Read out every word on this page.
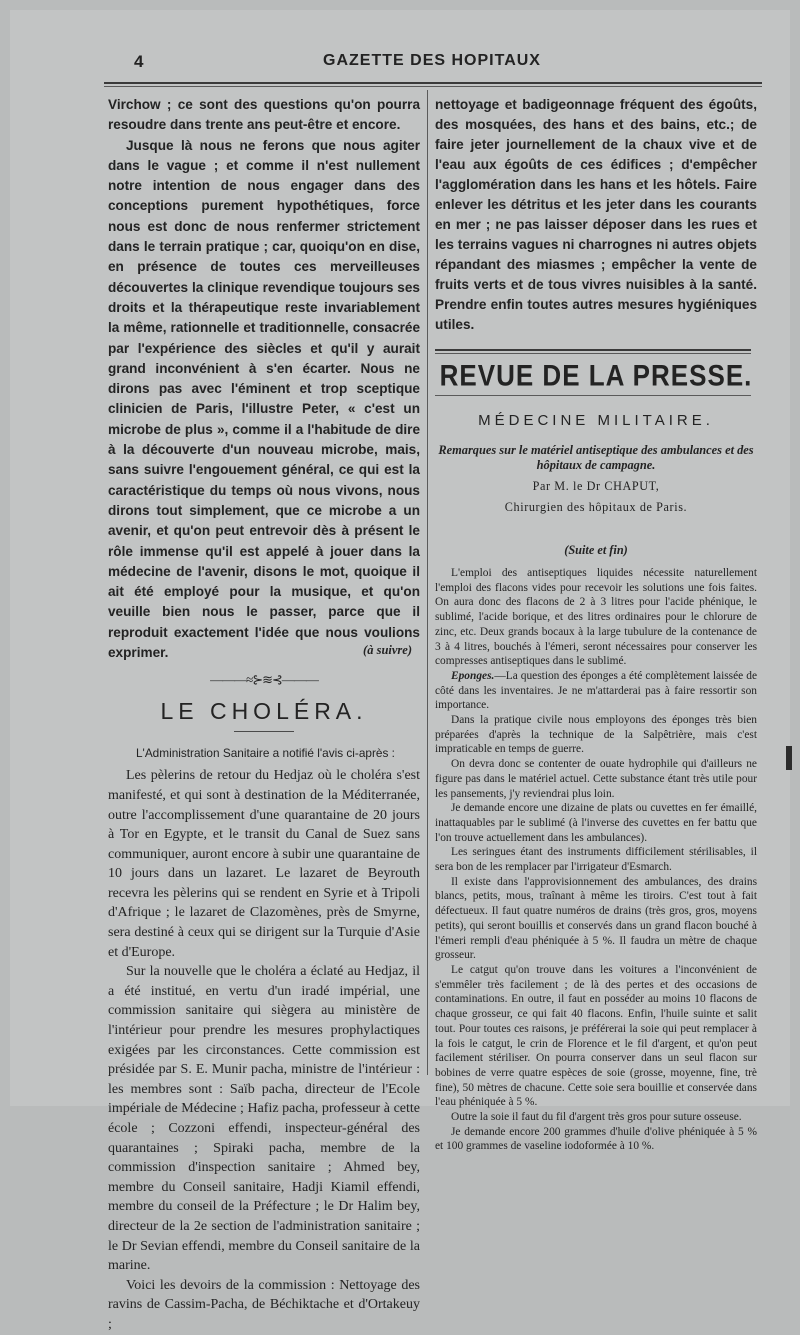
4	GAZETTE DES HOPITAUX

Virchow ; ce sont des questions qu'on pourra resoudre dans trente ans peut-être et encore.

Jusque là nous ne ferons que nous agiter dans le vague ; et comme il n'est nullement notre intention de nous engager dans des conceptions purement hypothétiques, force nous est donc de nous renfermer strictement dans le terrain pratique ; car, quoiqu'on en dise, en présence de toutes ces merveilleuses découvertes la clinique revendique toujours ses droits et la thérapeutique reste invariablement la même, rationnelle et traditionnelle, consacrée par l'expérience des siècles et qu'il y aurait grand inconvénient à s'en écarter. Nous ne dirons pas avec l'éminent et trop sceptique clinicien de Paris, l'illustre Peter, « c'est un microbe de plus », comme il a l'habitude de dire à la découverte d'un nouveau microbe, mais, sans suivre l'engouement général, ce qui est la caractéristique du temps où nous vivons, nous dirons tout simplement, que ce microbe a un avenir, et qu'on peut entrevoir dès à présent le rôle immense qu'il est appelé à jouer dans la médecine de l'avenir, disons le mot, quoique il ait été employé pour la musique, et qu'on veuille bien nous le passer, parce que il reproduit exactement l'idée que nous voulions exprimer.	(à suivre)
———≈⊱≋⊰———
LE CHOLÉRA.
L'Administration Sanitaire a notifié l'avis ci-après :

Les pèlerins de retour du Hedjaz où le choléra s'est manifesté, et qui sont à destination de la Méditerranée, outre l'accomplissement d'une quarantaine de 20 jours à Tor en Egypte, et le transit du Canal de Suez sans communiquer, auront encore à subir une quarantaine de 10 jours dans un lazaret. Le lazaret de Beyrouth recevra les pèlerins qui se rendent en Syrie et à Tripoli d'Afrique ; le lazaret de Clazomènes, près de Smyrne, sera destiné à ceux qui se dirigent sur la Turquie d'Asie et d'Europe.

Sur la nouvelle que le choléra a éclaté au Hedjaz, il a été institué, en vertu d'un iradé impérial, une commission sanitaire qui siègera au ministère de l'intérieur pour prendre les mesures prophylactiques exigées par les circonstances. Cette commission est présidée par S. E. Munir pacha, ministre de l'intérieur : les membres sont : Saïb pacha, directeur de l'Ecole impériale de Médecine ; Hafiz pacha, professeur à cette école ; Cozzoni effendi, inspecteur-général des quarantaines ; Spiraki pacha, membre de la commission d'inspection sanitaire ; Ahmed bey, membre du Conseil sanitaire, Hadji Kiamil effendi, membre du conseil de la Préfecture ; le Dr Halim bey, directeur de la 2e section de l'administration sanitaire ; le Dr Sevian effendi, membre du Conseil sanitaire de la marine.

Voici les devoirs de la commission : Nettoyage des ravins de Cassim-Pacha, de Béchiktache et d'Ortakeuy ;

nettoyage et badigeonnage fréquent des égoûts, des mosquées, des hans et des bains, etc.; de faire jeter journellement de la chaux vive et de l'eau aux égoûts de ces édifices ; d'empêcher l'agglomération dans les hans et les hôtels. Faire enlever les détritus et les jeter dans les courants en mer ; ne pas laisser déposer dans les rues et les terrains vagues ni charrognes ni autres objets répandant des miasmes ; empêcher la vente de fruits verts et de tous vivres nuisibles à la santé. Prendre enfin toutes autres mesures hygiéniques utiles.

REVUE DE LA PRESSE.
MÉDECINE MILITAIRE.
Remarques sur le matériel antiseptique des ambulances et des hôpitaux de campagne.
Par M. le Dr CHAPUT,
Chirurgien des hôpitaux de Paris.
(Suite et fin)

L'emploi des antiseptiques liquides nécessite naturellement l'emploi des flacons vides pour recevoir les solutions une fois faites. On aura donc des flacons de 2 à 3 litres pour l'acide phénique, le sublimé, l'acide borique, et des litres ordinaires pour le chlorure de zinc, etc. Deux grands bocaux à la large tubulure de la contenance de 3 à 4 litres, bouchés à l'émeri, seront nécessaires pour conserver les compresses antiseptiques dans le sublimé.

Eponges.—La question des éponges a été complètement laissée de côté dans les inventaires. Je ne m'attarderai pas à faire ressortir son importance.

Dans la pratique civile nous employons des éponges très bien préparées d'après la technique de la Salpêtrière, mais c'est impraticable en temps de guerre.

On devra donc se contenter de ouate hydrophile qui d'ailleurs ne figure pas dans le matériel actuel. Cette substance étant très utile pour les pansements, j'y reviendrai plus loin.

Je demande encore une dizaine de plats ou cuvettes en fer émaillé, inattaquables par le sublimé (à l'inverse des cuvettes en fer battu que l'on trouve actuellement dans les ambulances).

Les seringues étant des instruments difficilement stérilisables, il sera bon de les remplacer par l'irrigateur d'Esmarch.

Il existe dans l'approvisionnement des ambulances, des drains blancs, petits, mous, traînant à même les tiroirs. C'est tout à fait défectueux. Il faut quatre numéros de drains (très gros, gros, moyens petits), qui seront bouillis et conservés dans un grand flacon bouché à l'émeri rempli d'eau phéniquée à 5 %. Il faudra un mètre de chaque grosseur.

Le catgut qu'on trouve dans les voitures a l'inconvénient de s'emmêler très facilement ; de là des pertes et des occasions de contaminations. En outre, il faut en posséder au moins 10 flacons de chaque grosseur, ce qui fait 40 flacons. Enfin, l'huile suinte et salit tout. Pour toutes ces raisons, je préférerai la soie qui peut remplacer à la fois le catgut, le crin de Florence et le fil d'argent, et qu'on peut facilement stériliser. On pourra conserver dans un seul flacon sur bobines de verre quatre espèces de soie (grosse, moyenne, fine, trè fine), 50 mètres de chacune. Cette soie sera bouillie et conservée dans l'eau phéniquée à 5 %.

Outre la soie il faut du fil d'argent très gros pour suture osseuse.

Je demande encore 200 grammes d'huile d'olive phéniquée à 5 % et 100 grammes de vaseline iodoformée à 10 %.
